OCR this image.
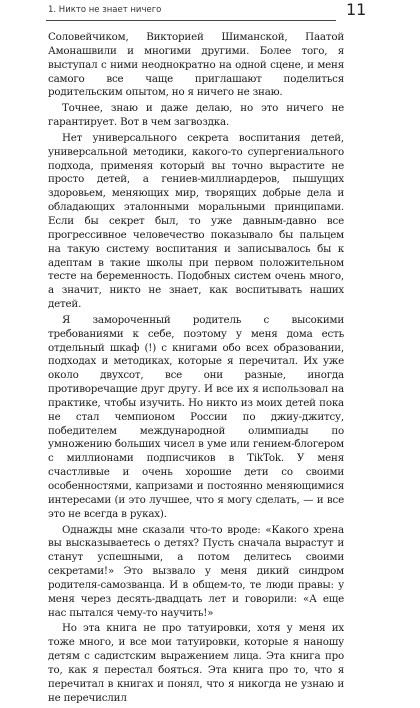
1. Никто не знает ничего	11

Соловейчиком, Викторией Шиманской, Паатой Амонашвили и многими другими. Более того, я выступал с ними неоднократно на одной сцене, и меня самого все чаще приглашают поделиться родительским опытом, но я ничего не знаю.

Точнее, знаю и даже делаю, но это ничего не гарантирует. Вот в чем загвоздка.

Нет универсального секрета воспитания детей, универсальной методики, какого-то супергениального подхода, применяя который вы точно вырастите не просто детей, а гениев-миллиардеров, пышущих здоровьем, меняющих мир, творящих добрые дела и обладающих эталонными моральными принципами. Если бы секрет был, то уже давным-давно все прогрессивное человечество показывало бы пальцем на такую систему воспитания и записывалось бы к адептам в такие школы при первом положительном тесте на беременность. Подобных систем очень много, а значит, никто не знает, как воспитывать наших детей.

Я замороченный родитель с высокими требованиями к себе, поэтому у меня дома есть отдельный шкаф (!) с книгами обо всех образовании, подходах и методиках, которые я перечитал. Их уже около двухсот, все они разные, иногда противоречащие друг другу. И все их я использовал на практике, чтобы изучить. Но никто из моих детей пока не стал чемпионом России по джиу-джитсу, победителем международной олимпиады по умножению больших чисел в уме или гением-блогером с миллионами подписчиков в TikTok. У меня счастливые и очень хорошие дети со своими особенностями, капризами и постоянно меняющимися интересами (и это лучшее, что я могу сделать, — и все это не всегда в руках).

Однажды мне сказали что-то вроде: «Какого хрена вы высказываетесь о детях? Пусть сначала вырастут и станут успешными, а потом делитесь своими секретами!» Это вызвало у меня дикий синдром родителя-самозванца. И в общем-то, те люди правы: у меня через десять-двадцать лет и говорили: «А еще нас пытался чему-то научить!»

Но эта книга не про татуировки, хотя у меня их тоже много, и все мои татуировки, которые я наношу детям с садистским выражением лица. Эта книга про то, как я перестал бояться. Эта книга про то, что я перечитал в книгах и понял, что я никогда не узнаю и не перечислил
